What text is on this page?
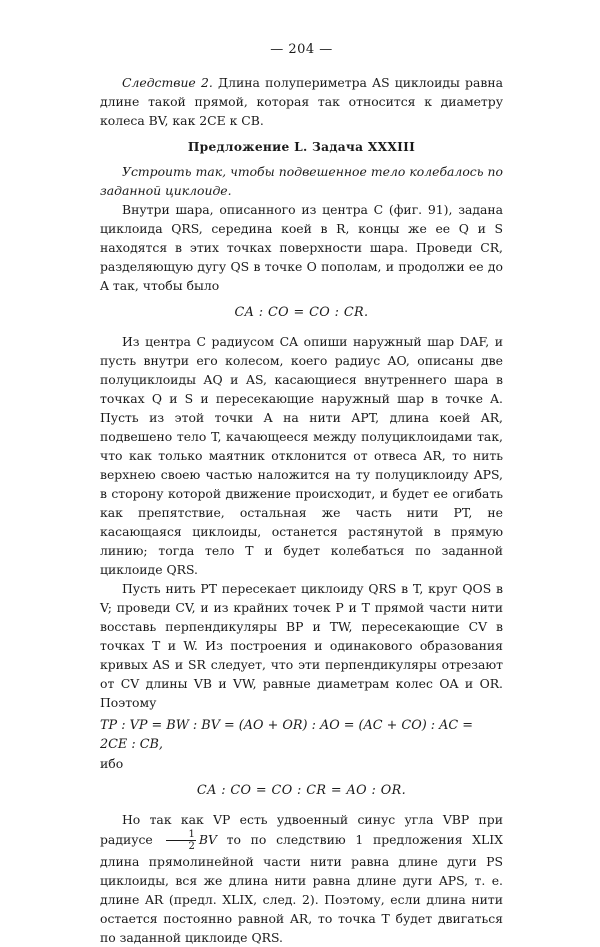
— 204 —

Следствие 2. Длина полупериметра AS циклоиды равна длине такой прямой, которая так относится к диаметру колеса BV, как 2CE к CB.

Предложение L. Задача XXXIII

Устроить так, чтобы подвешенное тело колебалось по заданной циклоиде.

Внутри шара, описанного из центра C (фиг. 91), задана циклоида QRS, середина коей в R, концы же ее Q и S находятся в этих точках поверхности шара. Проведи CR, разделяющую дугу QS в точке O пополам, и продолжи ее до A так, чтобы было

CA : CO = CO : CR.

Из центра C радиусом CA опиши наружный шар DAF, и пусть внутри его колесом, коего радиус AO, описаны две полуциклоиды AQ и AS, касающиеся внутреннего шара в точках Q и S и пересекающие наружный шар в точке A. Пусть из этой точки A на нити APT, длина коей AR, подвешено тело T, качающееся между полуциклоидами так, что как только маятник отклонится от отвеса AR, то нить верхнею своею частью наложится на ту полуциклоиду APS, в сторону которой движение происходит, и будет ее огибать как препятствие, остальная же часть нити PT, не касающаяся циклоиды, останется растянутой в прямую линию; тогда тело T и будет колебаться по заданной циклоиде QRS.

Пусть нить PT пересекает циклоиду QRS в T, круг QOS в V; проведи CV, и из крайних точек P и T прямой части нити восставь перпендикуляры BP и TW, пересекающие CV в точках T и W. Из построения и одинакового образования кривых AS и SR следует, что эти перпендикуляры отрезают от CV длины VB и VW, равные диаметрам колес OA и OR. Поэтому

TP : VP = BW : BV = (AO + OR) : AO = (AC + CO) : AC = 2CE : CB,

ибо

CA : CO = CO : CR = AO : OR.

Но так как VP есть удвоенный синус угла VBP при радиусе $\frac{1}{2}$ BV то по следствию 1 предложения XLIX длина прямолинейной части нити равна длине дуги PS циклоиды, вся же длина нити равна длине дуги APS, т. е. длине AR (предл. XLIX, след. 2). Поэтому, если длина нити остается постоянно равной AR, то точка T будет двигаться по заданной циклоиде QRS.
